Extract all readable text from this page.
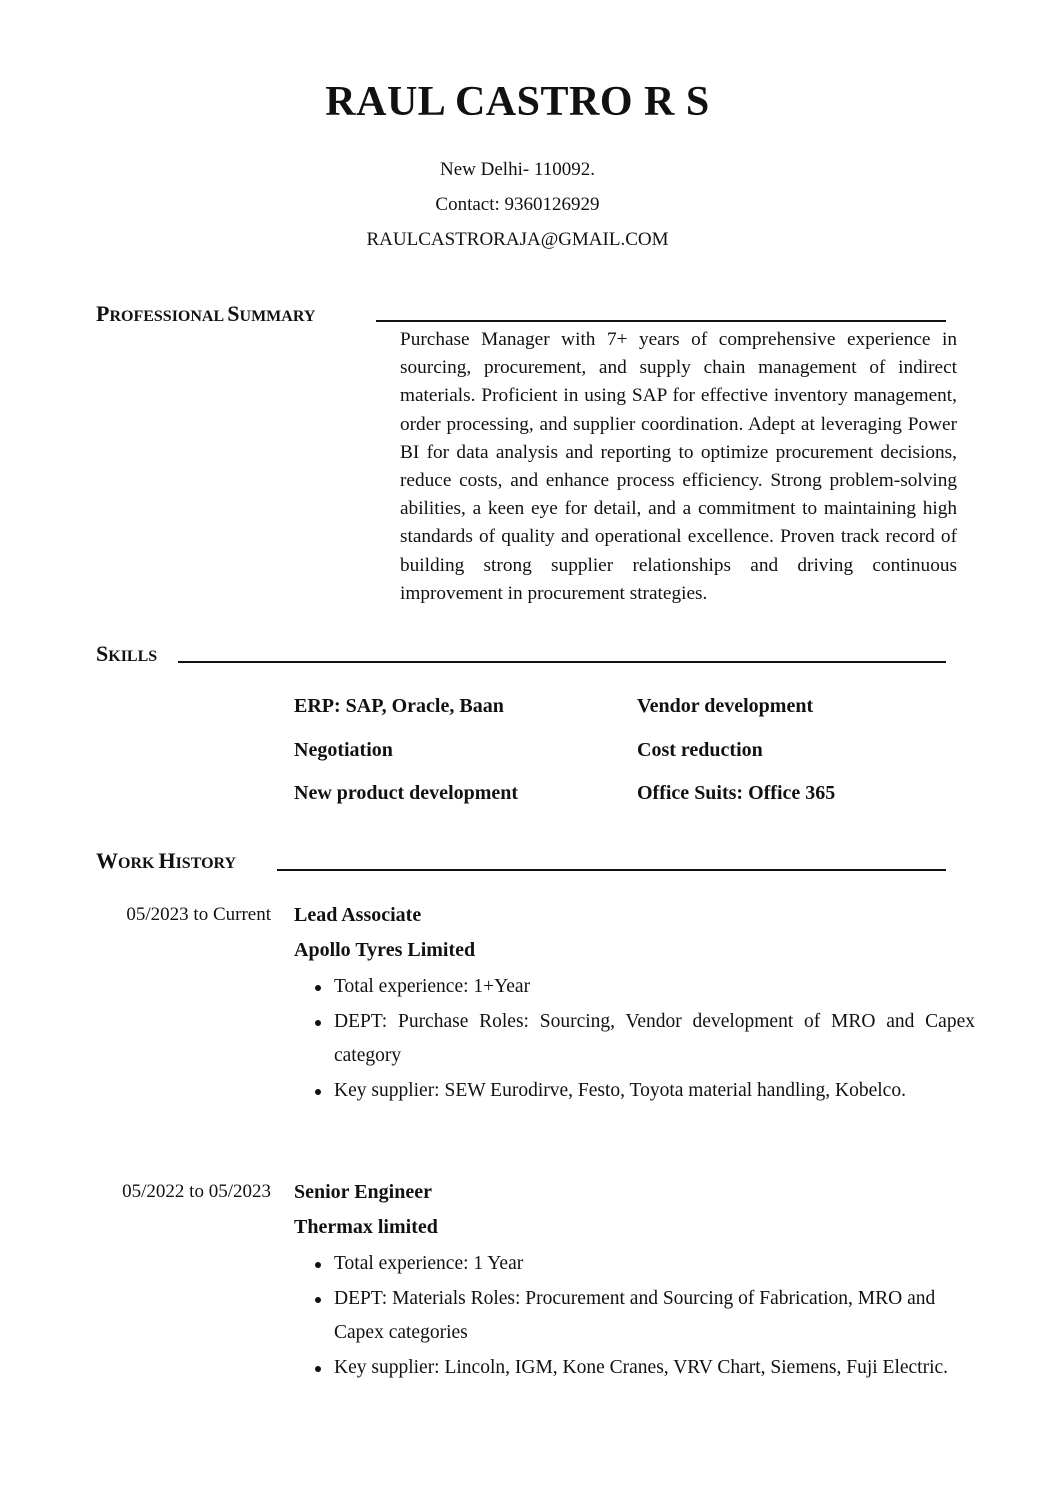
RAUL CASTRO R S
New Delhi- 110092.
Contact: 9360126929
RAULCASTRORAJA@GMAIL.COM
PROFESSIONAL SUMMARY
Purchase Manager with 7+ years of comprehensive experience in sourcing, procurement, and supply chain management of indirect materials. Proficient in using SAP for effective inventory management, order processing, and supplier coordination. Adept at leveraging Power BI for data analysis and reporting to optimize procurement decisions, reduce costs, and enhance process efficiency. Strong problem-solving abilities, a keen eye for detail, and a commitment to maintaining high standards of quality and operational excellence. Proven track record of building strong supplier relationships and driving continuous improvement in procurement strategies.
SKILLS
ERP: SAP, Oracle, Baan	Vendor development
Negotiation	Cost reduction
New product development	Office Suits: Office 365
WORK HISTORY
05/2023 to Current Lead Associate
Apollo Tyres Limited
Total experience: 1+Year
DEPT: Purchase Roles: Sourcing, Vendor development of MRO and Capex category
Key supplier: SEW Eurodirve, Festo, Toyota material handling, Kobelco.
05/2022 to 05/2023 Senior Engineer
Thermax limited
Total experience: 1 Year
DEPT: Materials Roles: Procurement and Sourcing of Fabrication, MRO and Capex categories
Key supplier: Lincoln, IGM, Kone Cranes, VRV Chart, Siemens, Fuji Electric.
